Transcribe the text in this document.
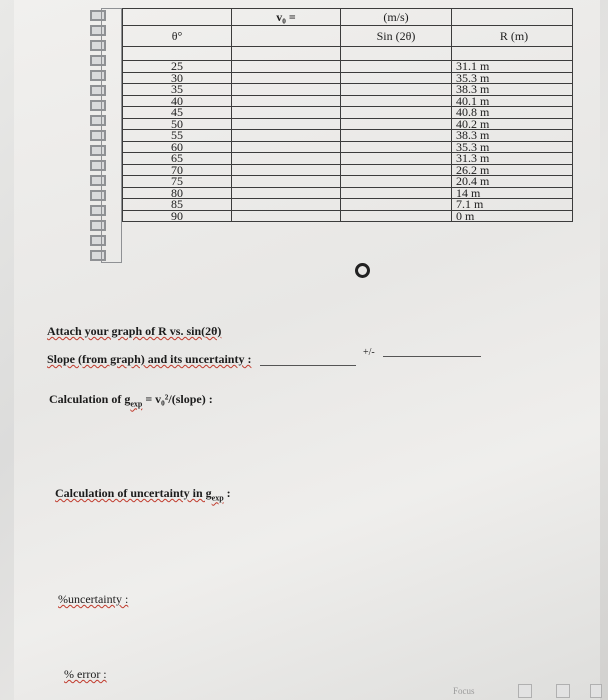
	v₀ =	(m/s)	
θ°		Sin (2θ)	R (m)

25			31.1 m
30			35.3 m
35			38.3 m
40			40.1 m
45			40.8 m
50			40.2 m
55			38.3 m
60			35.3 m
65			31.3 m
70			26.2 m
75			20.4 m
80			14 m
85			7.1 m
90			0 m
Attach your graph of R vs. sin(2θ)
Slope (from graph) and its uncertainty :	+/-
Calculation of $g_{exp}$ = v₀²/(slope) :
Calculation of uncertainty in $g_{exp}$ :
%uncertainty :
% error :
Focus
